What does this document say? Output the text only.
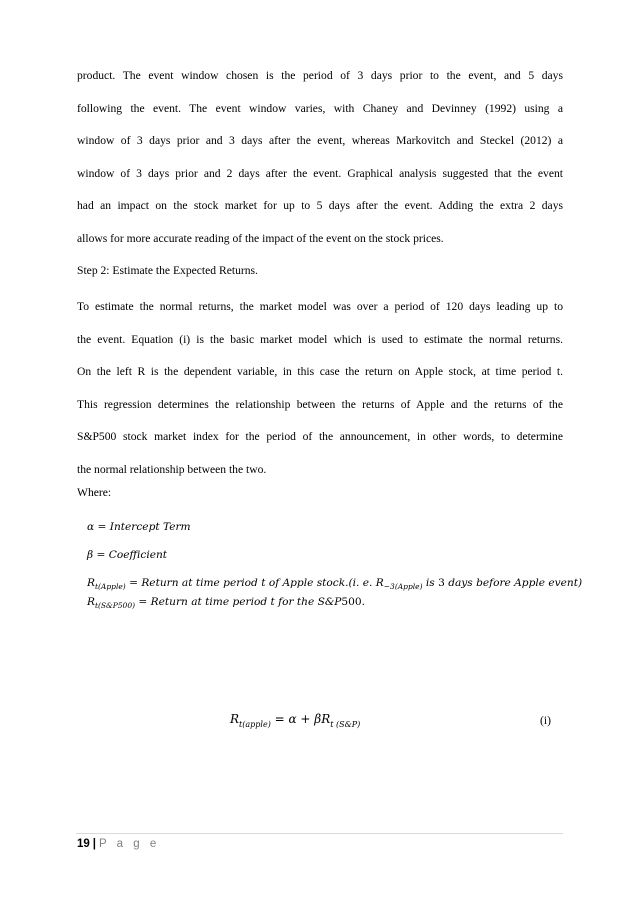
product. The event window chosen is the period of 3 days prior to the event, and 5 days
following the event. The event window varies, with Chaney and Devinney (1992) using a
window of 3 days prior and 3 days after the event, whereas Markovitch and Steckel (2012) a
window of 3 days prior and 2 days after the event. Graphical analysis suggested that the event
had an impact on the stock market for up to 5 days after the event. Adding the extra 2 days
allows for more accurate reading of the impact of the event on the stock prices.

Step 2: Estimate the Expected Returns.

To estimate the normal returns, the market model was over a period of 120 days leading up to
the event. Equation (i) is the basic market model which is used to estimate the normal returns.
On the left R is the dependent variable, in this case the return on Apple stock, at time period t.
This regression determines the relationship between the returns of Apple and the returns of the
S&P500 stock market index for the period of the announcement, in other words, to determine
the normal relationship between the two.

Where:

α = Intercept Term
β = Coefficient
$R_{t(Apple)}$ = Return at time period t of Apple stock.(i. e. $R_{-3(Apple)}$ is 3 days before Apple event)
$R_{t(S\&P500)}$ = Return at time period t for the S&P500.
$R_{t(apple)} = \alpha + \beta R_{t (S\&P)}$	(i)
19 | P a g e
